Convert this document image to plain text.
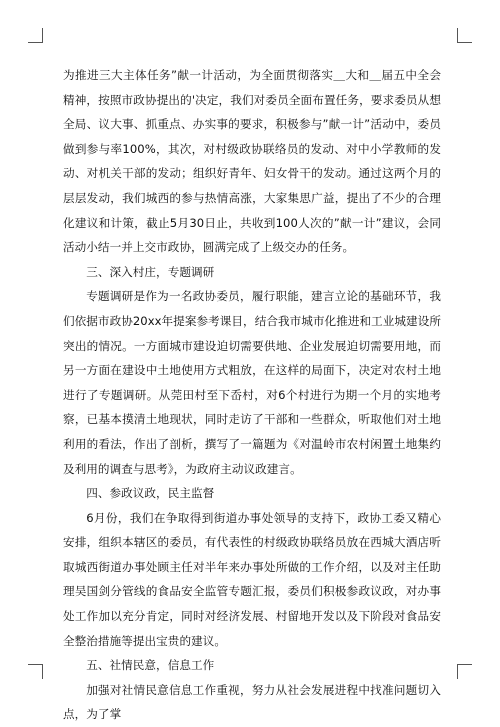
为推进三大主体任务”献一计活动，为全面贯彻落实＿大和＿届五中全会精神，按照市政协提出的'决定，我们对委员全面布置任务，要求委员从想全局、议大事、抓重点、办实事的要求，积极参与”献一计”活动中，委员做到参与率100%，其次，对村级政协联络员的发动、对中小学教师的发动、对机关干部的发动；组织好青年、妇女骨干的发动。通过这两个月的层层发动，我们城西的参与热情高涨，大家集思广益，提出了不少的合理化建议和计策，截止5月30日止，共收到100人次的”献一计”建议，会同活动小结一并上交市政协，圆满完成了上级交办的任务。

三、深入村庄，专题调研

专题调研是作为一名政协委员，履行职能，建言立论的基础环节，我们依据市政协20xx年提案参考课目，结合我市城市化推进和工业城建设所突出的情况。一方面城市建设迫切需要供地、企业发展迫切需要用地，而另一方面在建设中土地使用方式粗放，在这样的局面下，决定对农村土地进行了专题调研。从莞田村至下岙村，对6个村进行为期一个月的实地考察，已基本摸清土地现状，同时走访了干部和一些群众，听取他们对土地利用的看法，作出了剖析，撰写了一篇题为《对温岭市农村闲置土地集约及利用的调查与思考》，为政府主动议政建言。

四、参政议政，民主监督

6月份，我们在争取得到街道办事处领导的支持下，政协工委又精心安排，组织本辖区的委员，有代表性的村级政协联络员放在西城大酒店听取城西街道办事处顾主任对半年来办事处所做的工作介绍，以及对主任助理吴国剑分管线的食品安全监管专题汇报，委员们积极参政议政，对办事处工作加以充分肯定，同时对经济发展、村留地开发以及下阶段对食品安全整治措施等提出宝贵的建议。

五、社情民意，信息工作

加强对社情民意信息工作重视，努力从社会发展进程中找准问题切入点，为了掌
